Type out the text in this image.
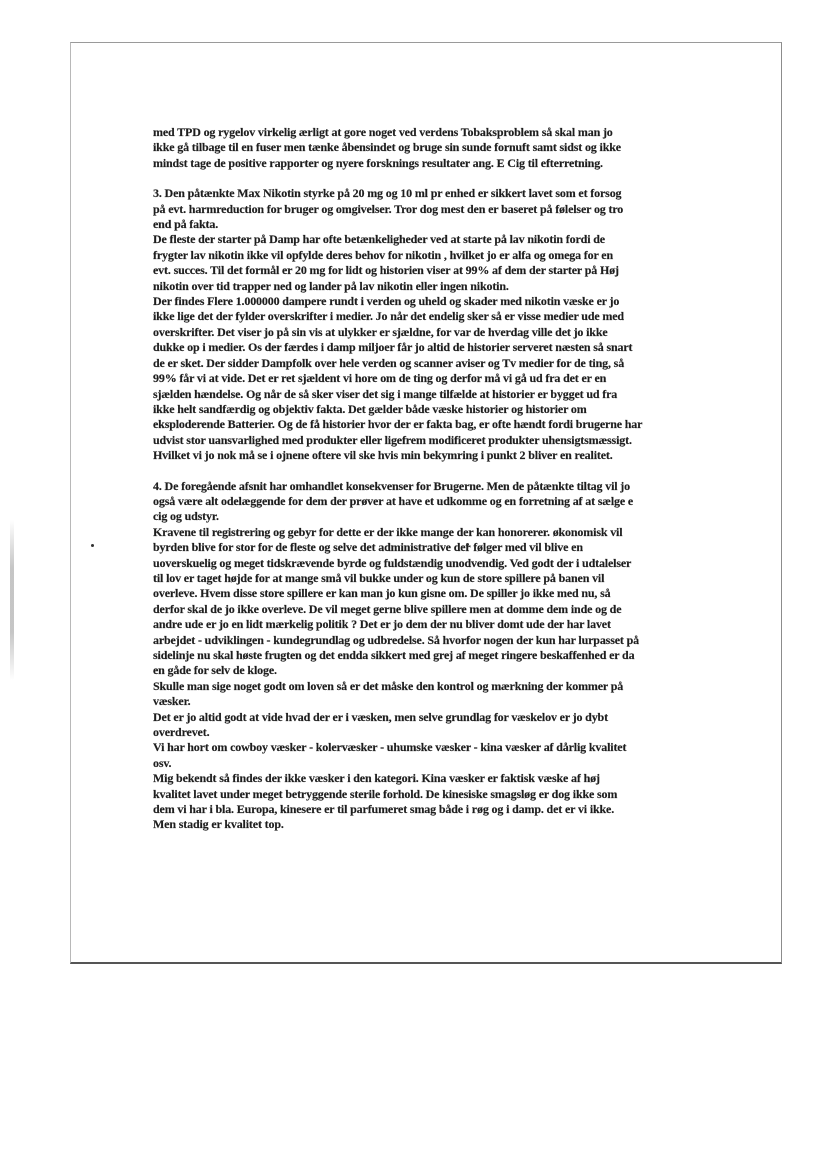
med TPD og rygelov virkelig ærligt at gore noget ved verdens Tobaksproblem så skal man jo
ikke gå tilbage til en fuser men tænke åbensindet og bruge sin sunde fornuft samt sidst og ikke
mindst tage de positive rapporter og nyere forsknings resultater ang. E Cig til efterretning.

3. Den påtænkte Max Nikotin styrke på 20 mg og 10 ml pr enhed er sikkert lavet som et forsog
på evt. harmreduction for bruger og omgivelser. Tror dog mest den er baseret på følelser og tro
end på fakta.
De fleste der starter på Damp har ofte betænkeligheder ved at starte på lav nikotin fordi de
frygter lav nikotin ikke vil opfylde deres behov for nikotin , hvilket jo er alfa og omega for en
evt. succes. Til det formål er 20 mg for lidt og historien viser at 99% af dem der starter på Høj
nikotin over tid trapper ned og lander på lav nikotin eller ingen nikotin.
Der findes Flere 1.000000 dampere rundt i verden og uheld og skader med nikotin væske er jo
ikke lige det der fylder overskrifter i medier. Jo når det endelig sker så er visse medier ude med
overskrifter. Det viser jo på sin vis at ulykker er sjældne, for var de hverdag ville det jo ikke
dukke op i medier. Os der færdes i damp miljoer får jo altid de historier serveret næsten så snart
de er sket. Der sidder Dampfolk over hele verden og scanner aviser og Tv medier for de ting, så
99% får vi at vide. Det er ret sjældent vi hore om de ting og derfor må vi gå ud fra det er en
sjælden hændelse. Og når de så sker viser det sig i mange tilfælde at historier er bygget ud fra
ikke helt sandfærdig og objektiv fakta. Det gælder både væske historier og historier om
eksploderende Batterier. Og de få historier hvor der er fakta bag, er ofte hændt fordi brugerne har
udvist stor uansvarlighed med produkter eller ligefrem modificeret produkter uhensigtsmæssigt.
Hvilket vi jo nok må se i ojnene oftere vil ske hvis min bekymring i punkt 2 bliver en realitet.

4. De foregående afsnit har omhandlet konsekvenser for Brugerne. Men de påtænkte tiltag vil jo
også være alt odelæggende for dem der prøver at have et udkomme og en forretning af at sælge e
cig og udstyr.
Kravene til registrering og gebyr for dette er der ikke mange der kan honorerer. økonomisk vil
byrden blive for stor for de fleste og selve det administrative der følger med vil blive en
uoverskuelig og meget tidskrævende byrde og fuldstændig unodvendig. Ved godt der i udtalelser
til lov er taget højde for at mange små vil bukke under og kun de store spillere på banen vil
overleve. Hvem disse store spillere er kan man jo kun gisne om. De spiller jo ikke med nu, så
derfor skal de jo ikke overleve. De vil meget gerne blive spillere men at domme dem inde og de
andre ude er jo en lidt mærkelig politik ? Det er jo dem der nu bliver domt ude der har lavet
arbejdet - udviklingen - kundegrundlag og udbredelse. Så hvorfor nogen der kun har lurpasset på
sidelinje nu skal høste frugten og det endda sikkert med grej af meget ringere beskaffenhed er da
en gåde for selv de kloge.
Skulle man sige noget godt om loven så er det måske den kontrol og mærkning der kommer på
væsker.
Det er jo altid godt at vide hvad der er i væsken, men selve grundlag for væskelov er jo dybt
overdrevet.
Vi har hort om cowboy væsker - kolervæsker - uhumske væsker - kina væsker af dårlig kvalitet
osv.
Mig bekendt så findes der ikke væsker i den kategori. Kina væsker er faktisk væske af høj
kvalitet lavet under meget betryggende sterile forhold. De kinesiske smagsløg er dog ikke som
dem vi har i bla. Europa, kinesere er til parfumeret smag både i røg og i damp. det er vi ikke.
Men stadig er kvalitet top.
